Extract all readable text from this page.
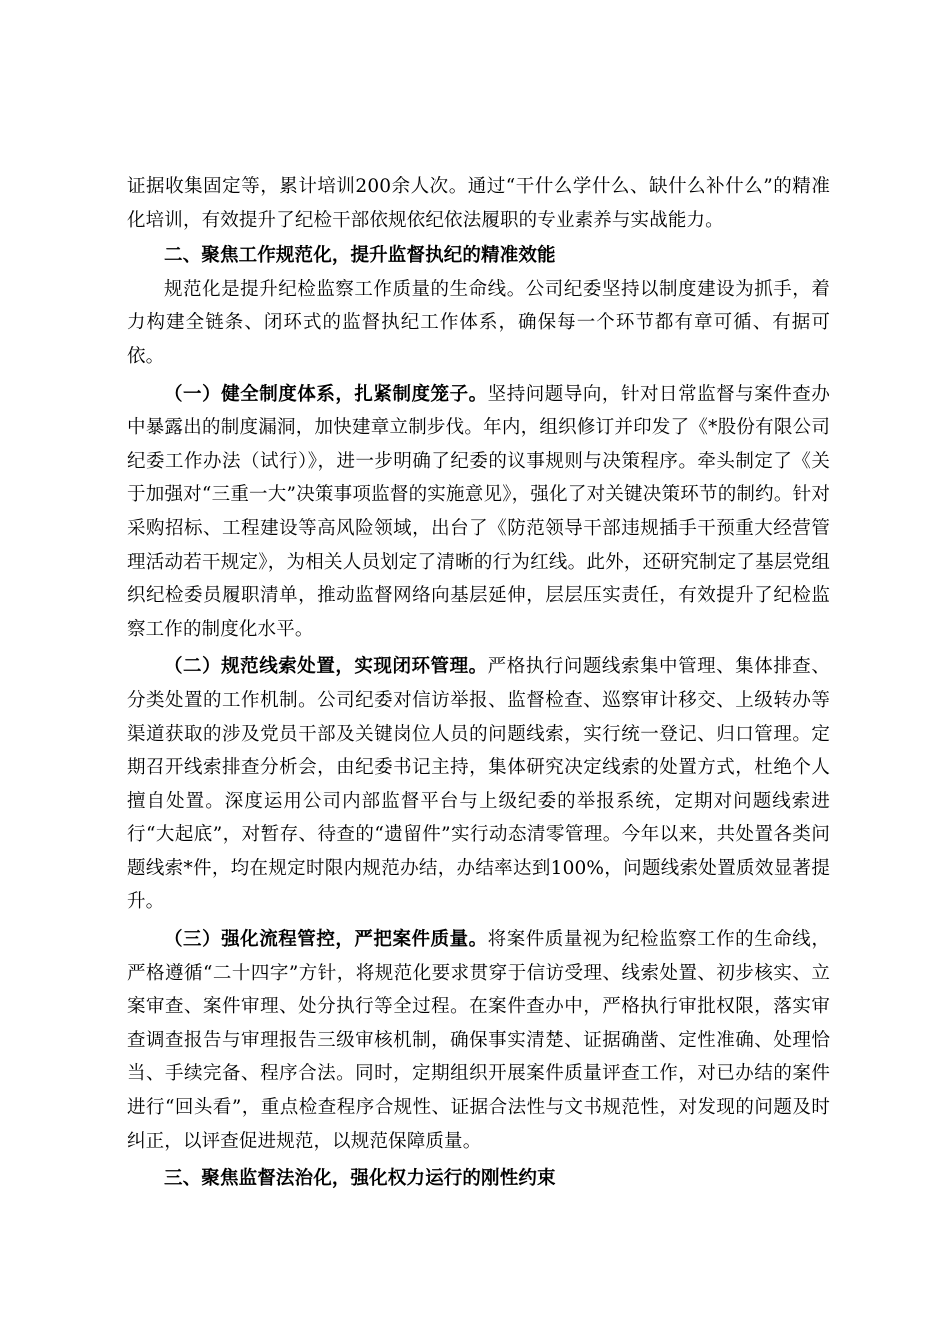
证据收集固定等，累计培训200余人次。通过“干什么学什么、缺什么补什么”的精准化培训，有效提升了纪检干部依规依纪依法履职的专业素养与实战能力。

二、聚焦工作规范化，提升监督执纪的精准效能

规范化是提升纪检监察工作质量的生命线。公司纪委坚持以制度建设为抓手，着力构建全链条、闭环式的监督执纪工作体系，确保每一个环节都有章可循、有据可依。

（一）健全制度体系，扎紧制度笼子。坚持问题导向，针对日常监督与案件查办中暴露出的制度漏洞，加快建章立制步伐。年内，组织修订并印发了《*股份有限公司纪委工作办法（试行）》，进一步明确了纪委的议事规则与决策程序。牵头制定了《关于加强对“三重一大”决策事项监督的实施意见》，强化了对关键决策环节的制约。针对采购招标、工程建设等高风险领域，出台了《防范领导干部违规插手干预重大经营管理活动若干规定》，为相关人员划定了清晰的行为红线。此外，还研究制定了基层党组织纪检委员履职清单，推动监督网络向基层延伸，层层压实责任，有效提升了纪检监察工作的制度化水平。

（二）规范线索处置，实现闭环管理。严格执行问题线索集中管理、集体排查、分类处置的工作机制。公司纪委对信访举报、监督检查、巡察审计移交、上级转办等渠道获取的涉及党员干部及关键岗位人员的问题线索，实行统一登记、归口管理。定期召开线索排查分析会，由纪委书记主持，集体研究决定线索的处置方式，杜绝个人擅自处置。深度运用公司内部监督平台与上级纪委的举报系统，定期对问题线索进行“大起底”，对暂存、待查的“遗留件”实行动态清零管理。今年以来，共处置各类问题线索*件，均在规定时限内规范办结，办结率达到100%，问题线索处置质效显著提升。

（三）强化流程管控，严把案件质量。将案件质量视为纪检监察工作的生命线，严格遵循“二十四字”方针，将规范化要求贯穿于信访受理、线索处置、初步核实、立案审查、案件审理、处分执行等全过程。在案件查办中，严格执行审批权限，落实审查调查报告与审理报告三级审核机制，确保事实清楚、证据确凿、定性准确、处理恰当、手续完备、程序合法。同时，定期组织开展案件质量评查工作，对已办结的案件进行“回头看”，重点检查程序合规性、证据合法性与文书规范性，对发现的问题及时纠正，以评查促进规范，以规范保障质量。

三、聚焦监督法治化，强化权力运行的刚性约束
